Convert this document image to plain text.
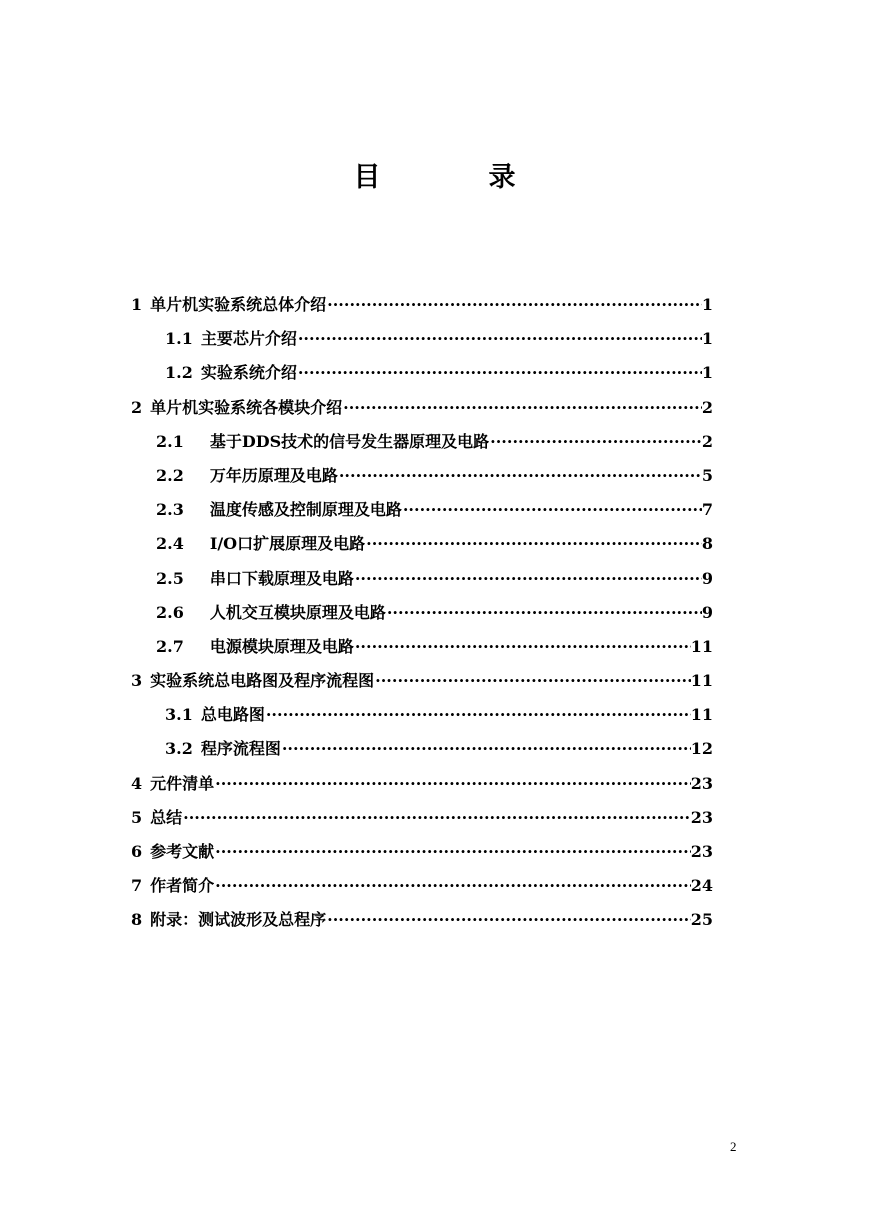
目	录
1 单片机实验系统总体介绍 ·····	1
1.1 主要芯片介绍 ·····	1
1.2 实验系统介绍 ·····	1
2 单片机实验系统各模块介绍 ·····	2
2.1 基于DDS技术的信号发生器原理及电路 ·····	2
2.2 万年历原理及电路 ·····	5
2.3 温度传感及控制原理及电路 ·····	7
2.4 I/O口扩展原理及电路 ·····	8
2.5 串口下载原理及电路 ·····	9
2.6 人机交互模块原理及电路 ·····	9
2.7 电源模块原理及电路 ·····	11
3 实验系统总电路图及程序流程图 ·····	11
3.1 总电路图 ·····	11
3.2 程序流程图 ·····	12
4 元件清单 ·····	23
5 总结 ·····	23
6 参考文献 ·····	23
7 作者简介 ·····	24
8 附录：测试波形及总程序 ·····	25
2
